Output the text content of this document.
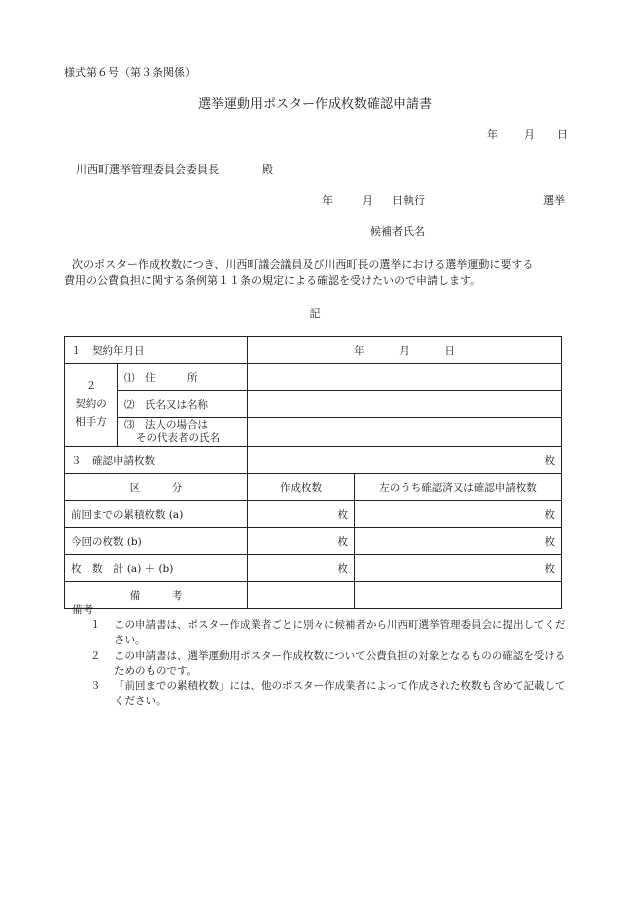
様式第６号（第３条関係）
選挙運動用ポスター作成枚数確認申請書
年 月 日
川西町選挙管理委員会委員長	殿
年	月 日執行	選挙
候補者氏名
次のポスター作成枚数につき、川西町議会議員及び川西町長の選挙における選挙運動に要する
費用の公費負担に関する条例第１１条の規定による確認を受けたいので申請します。
記
１　契約年月日		年 月 日	

２
契約の
相手方	⑴　住　　　所		
	⑵　氏名又は名称		

	⑶　法人の場合は
その代表者の氏名		

３　確認申請枚数		枚	
区　　　分		作成枚数	左のうち確認済又は確認申請枚数
前回までの累積枚数 (a)		枚	枚
今回の枚数 (b)		枚	枚
枚　数　計 (a) ＋ (b)		枚	枚
備　　　考			
備考
１	この申請書は、ポスター作成業者ごとに別々に候補者から川西町選挙管理委員会に提出してください。
２	この申請書は、選挙運動用ポスター作成枚数について公費負担の対象となるものの確認を受けるためのものです。
３	「前回までの累積枚数」には、他のポスター作成業者によって作成された枚数も含めて記載してください。
